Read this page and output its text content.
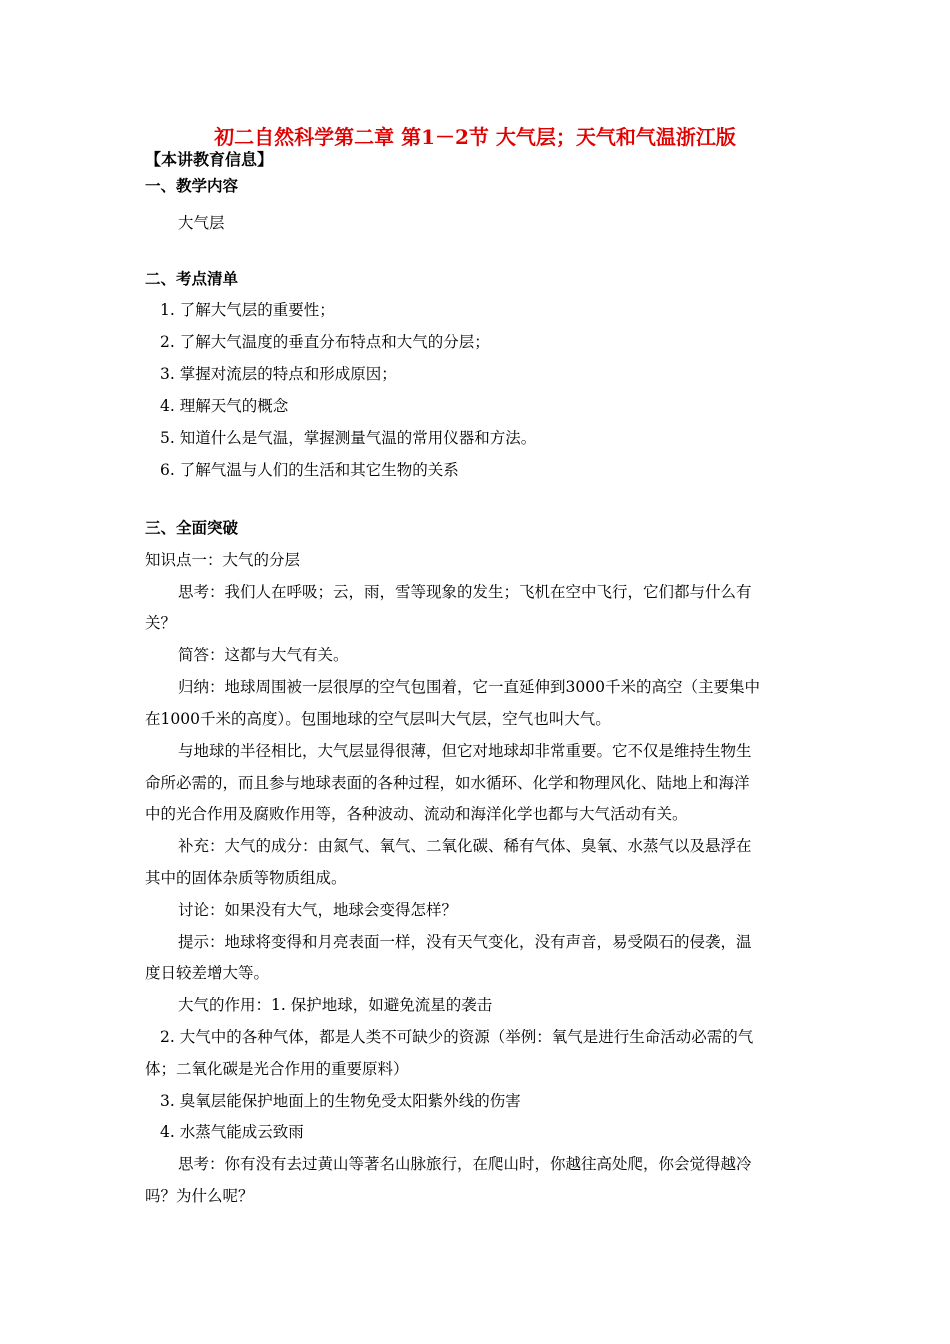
初二自然科学第二章 第1－2节 大气层；天气和气温浙江版
【本讲教育信息】
一、教学内容
大气层
二、考点清单
1. 了解大气层的重要性；
2. 了解大气温度的垂直分布特点和大气的分层；
3. 掌握对流层的特点和形成原因；
4. 理解天气的概念
5. 知道什么是气温，掌握测量气温的常用仪器和方法。
6. 了解气温与人们的生活和其它生物的关系
三、全面突破
知识点一：大气的分层
思考：我们人在呼吸；云，雨，雪等现象的发生；飞机在空中飞行，它们都与什么有
关？
简答：这都与大气有关。
归纳：地球周围被一层很厚的空气包围着，它一直延伸到3000千米的高空（主要集中
在1000千米的高度）。包围地球的空气层叫大气层，空气也叫大气。
与地球的半径相比，大气层显得很薄，但它对地球却非常重要。它不仅是维持生物生
命所必需的，而且参与地球表面的各种过程，如水循环、化学和物理风化、陆地上和海洋
中的光合作用及腐败作用等，各种波动、流动和海洋化学也都与大气活动有关。
补充：大气的成分：由氮气、氧气、二氧化碳、稀有气体、臭氧、水蒸气以及悬浮在
其中的固体杂质等物质组成。
讨论：如果没有大气，地球会变得怎样？
提示：地球将变得和月亮表面一样，没有天气变化，没有声音，易受陨石的侵袭，温
度日较差增大等。
大气的作用：1. 保护地球，如避免流星的袭击
2. 大气中的各种气体，都是人类不可缺少的资源（举例：氧气是进行生命活动必需的气
体；二氧化碳是光合作用的重要原料）
3. 臭氧层能保护地面上的生物免受太阳紫外线的伤害
4. 水蒸气能成云致雨
思考：你有没有去过黄山等著名山脉旅行，在爬山时，你越往高处爬，你会觉得越冷
吗？为什么呢？
